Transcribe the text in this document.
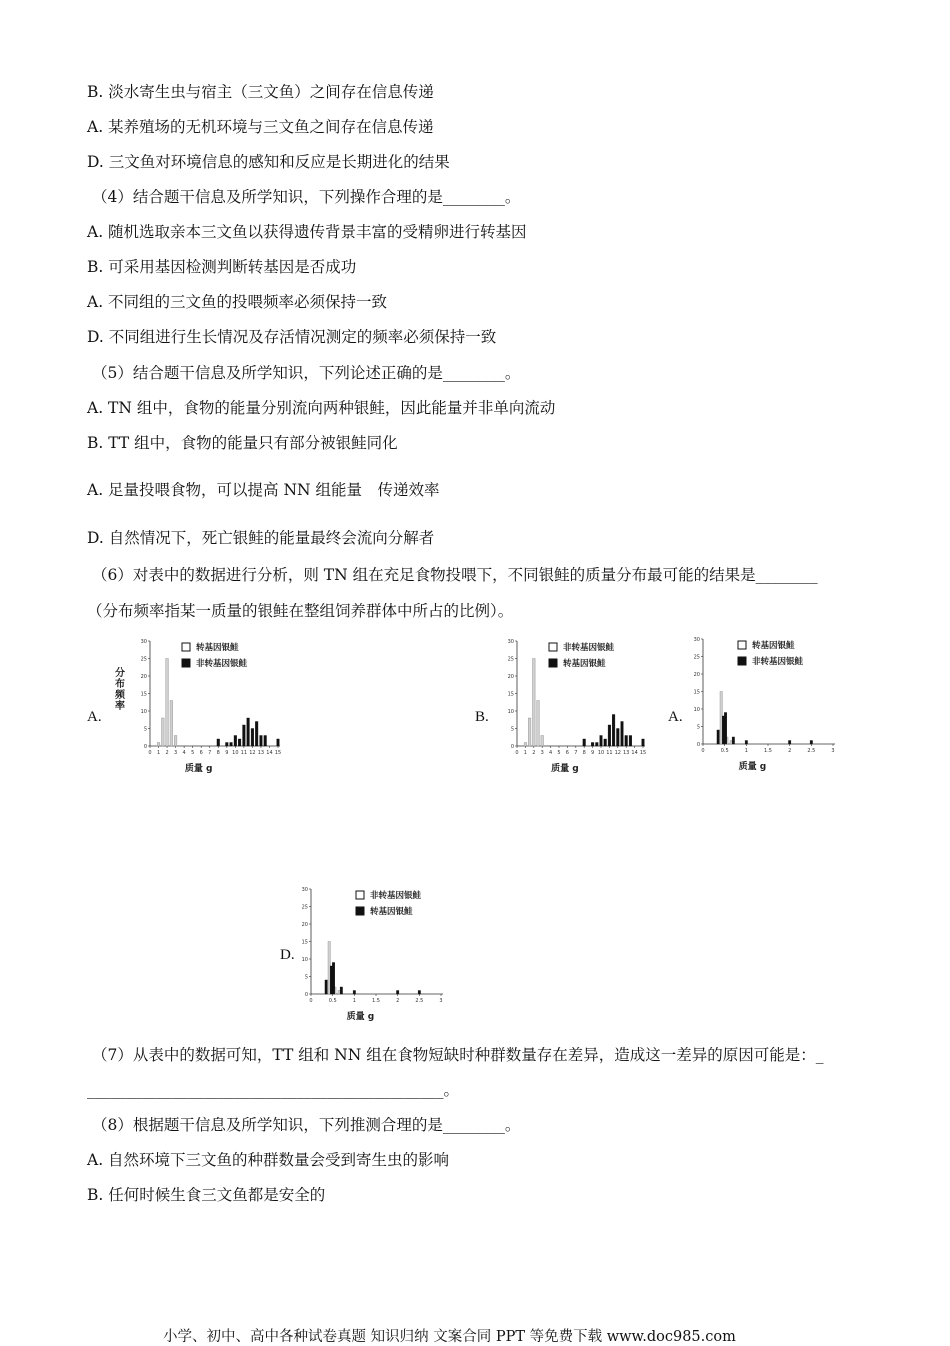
B. 淡水寄生虫与宿主（三文鱼）之间存在信息传递
A. 某养殖场的无机环境与三文鱼之间存在信息传递
D. 三文鱼对环境信息的感知和反应是长期进化的结果
（4）结合题干信息及所学知识，下列操作合理的是________。
A. 随机选取亲本三文鱼以获得遗传背景丰富的受精卵进行转基因
B. 可采用基因检测判断转基因是否成功
A. 不同组的三文鱼的投喂频率必须保持一致
D. 不同组进行生长情况及存活情况测定的频率必须保持一致
（5）结合题干信息及所学知识，下列论述正确的是________。
A. TN 组中，食物的能量分别流向两种银鲑，因此能量并非单向流动
B. TT 组中，食物的能量只有部分被银鲑同化
A. 足量投喂食物，可以提高 NN 组能量　传递效率
D. 自然情况下，死亡银鲑的能量最终会流向分解者
（6）对表中的数据进行分析，则 TN 组在充足食物投喂下，不同银鲑的质量分布最可能的结果是________
（分布频率指某一质量的银鲑在整组饲养群体中所占的比例）。
A.	B.	A.
D.
0
5
10
15
20
25
30
0 1 2 3 4 5 6 7 8 9 10 11 12 13 14 15
质量 g
分布频率
转基因银鲑
非转基因银鲑
0
5
10
15
20
25
30
0 1 2 3 4 5 6 7 8 9 10 11 12 13 14 15
质量 g
非转基因银鲑
转基因银鲑
0
5
10
15
20
25
30
0	0.5	1	1.5	2	2.5	3
质量 g
转基因银鲑
非转基因银鲑
0
5
10
15
20
25
30
0	0.5	1	1.5	2	2.5	3
质量 g
非转基因银鲑
转基因银鲑
（7）从表中的数据可知，TT 组和 NN 组在食物短缺时种群数量存在差异，造成这一差异的原因可能是：_
______________________________________________。
（8）根据题干信息及所学知识，下列推测合理的是________。
A. 自然环境下三文鱼的种群数量会受到寄生虫的影响
B. 任何时候生食三文鱼都是安全的
小学、初中、高中各种试卷真题 知识归纳 文案合同 PPT 等免费下载 www.doc985.com
